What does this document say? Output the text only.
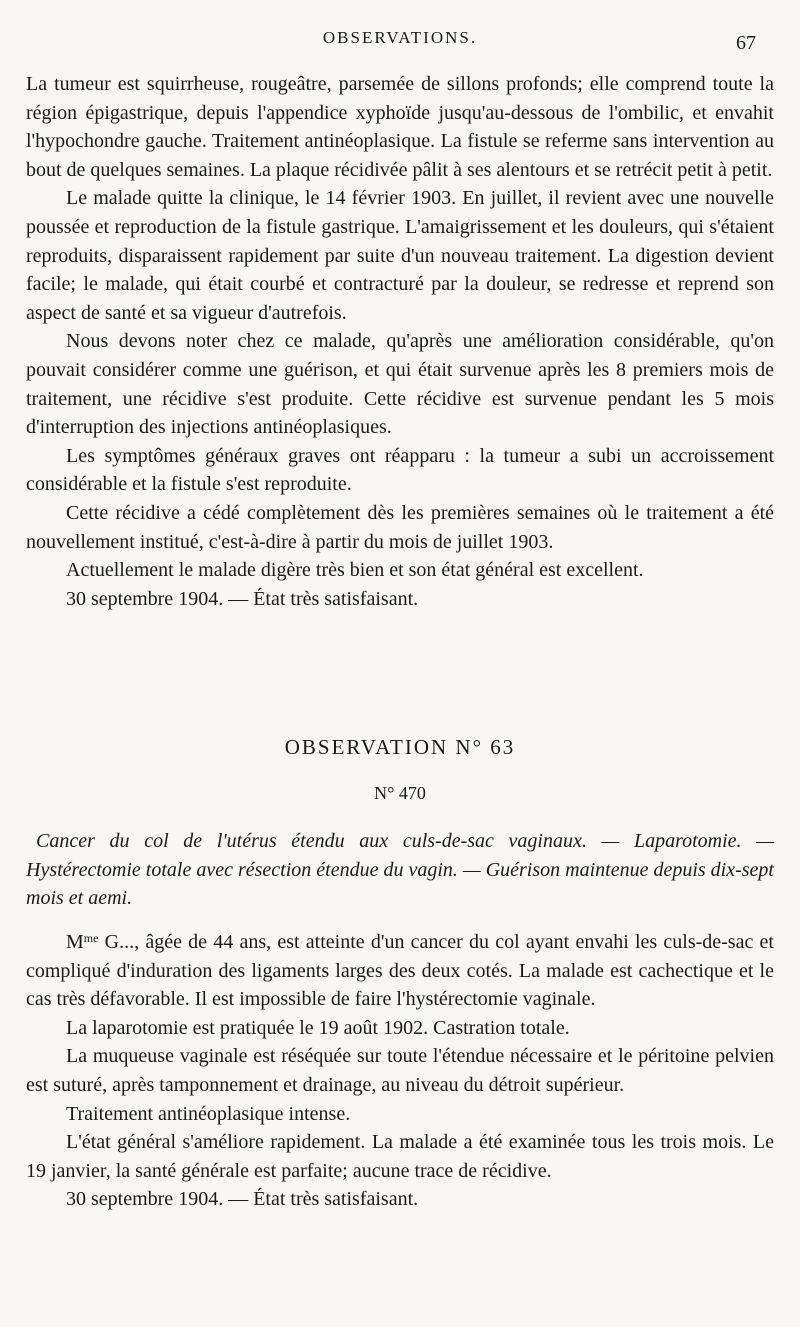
OBSERVATIONS.	67

La tumeur est squirrheuse, rougeâtre, parsemée de sillons profonds; elle comprend toute la région épigastrique, depuis l'appendice xyphoïde jusqu'au-dessous de l'ombilic, et envahit l'hypochondre gauche. Traitement antinéoplasique. La fistule se referme sans intervention au bout de quelques semaines. La plaque récidivée pâlit à ses alentours et se retrécit petit à petit.

Le malade quitte la clinique, le 14 février 1903. En juillet, il revient avec une nouvelle poussée et reproduction de la fistule gastrique. L'amaigrissement et les douleurs, qui s'étaient reproduits, disparaissent rapidement par suite d'un nouveau traitement. La digestion devient facile; le malade, qui était courbé et contracturé par la douleur, se redresse et reprend son aspect de santé et sa vigueur d'autrefois.

Nous devons noter chez ce malade, qu'après une amélioration considérable, qu'on pouvait considérer comme une guérison, et qui était survenue après les 8 premiers mois de traitement, une récidive s'est produite. Cette récidive est survenue pendant les 5 mois d'interruption des injections antinéoplasiques.

Les symptômes généraux graves ont réapparu : la tumeur a subi un accroissement considérable et la fistule s'est reproduite.

Cette récidive a cédé complètement dès les premières semaines où le traitement a été nouvellement institué, c'est-à-dire à partir du mois de juillet 1903.

Actuellement le malade digère très bien et son état général est excellent.

30 septembre 1904. — État très satisfaisant.

OBSERVATION N° 63
N° 470

Cancer du col de l'utérus étendu aux culs-de-sac vaginaux. — Laparotomie. — Hystérectomie totale avec résection étendue du vagin. — Guérison maintenue depuis dix-sept mois et aemi.

$M^{me}$ G..., âgée de 44 ans, est atteinte d'un cancer du col ayant envahi les culs-de-sac et compliqué d'induration des ligaments larges des deux cotés. La malade est cachectique et le cas très défavorable. Il est impossible de faire l'hystérectomie vaginale.

La laparotomie est pratiquée le 19 août 1902. Castration totale.

La muqueuse vaginale est réséquée sur toute l'étendue nécessaire et le péritoine pelvien est suturé, après tamponnement et drainage, au niveau du détroit supérieur.

Traitement antinéoplasique intense.

L'état général s'améliore rapidement. La malade a été examinée tous les trois mois. Le 19 janvier, la santé générale est parfaite; aucune trace de récidive.

30 septembre 1904. — État très satisfaisant.
